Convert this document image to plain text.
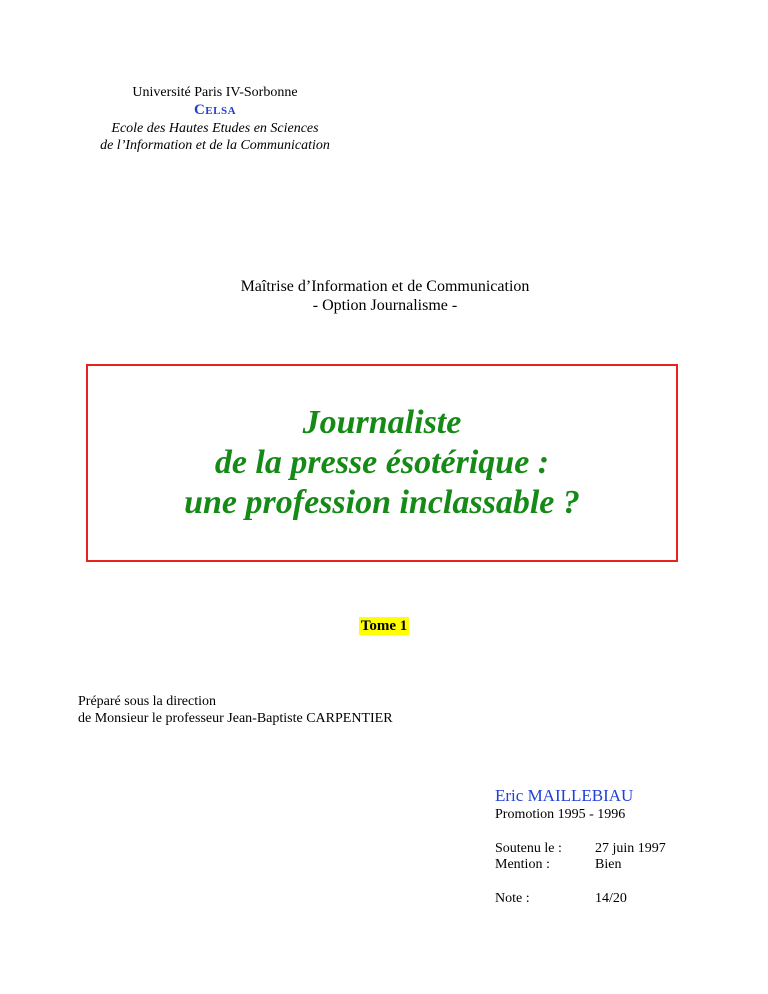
Université Paris IV-Sorbonne
CELSA
Ecole des Hautes Etudes en Sciences
de l’Information et de la Communication
Maîtrise d’Information et de Communication
- Option Journalisme -
Journaliste
de la presse ésotérique :
une profession inclassable ?
Tome 1
Préparé sous la direction
de Monsieur le professeur Jean-Baptiste CARPENTIER
Eric MAILLEBIAU
Promotion 1995 - 1996
Soutenu le : 27 juin 1997
Mention :	Bien
Note :	14/20
